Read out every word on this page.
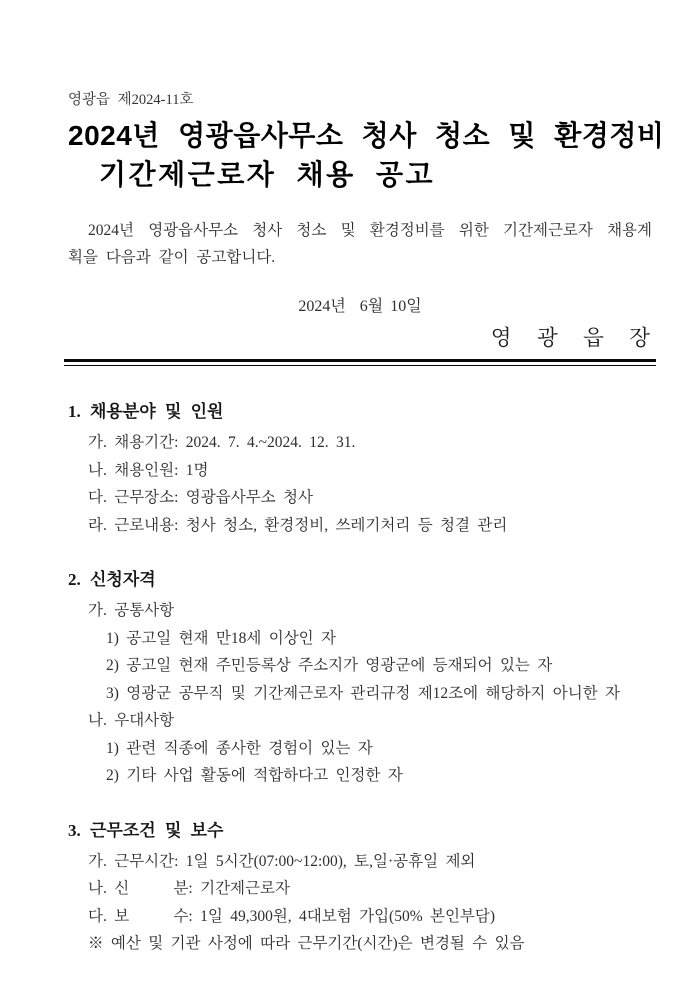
영광읍 제2024-11호
2024년 영광읍사무소 청사 청소 및 환경정비
기간제근로자 채용 공고
2024년 영광읍사무소 청사 청소 및 환경정비를 위한 기간제근로자 채용계
획을 다음과 같이 공고합니다.
2024년  6월 10일
영 광 읍 장
1. 채용분야 및 인원
가. 채용기간: 2024. 7. 4.~2024. 12. 31.
나. 채용인원: 1명
다. 근무장소: 영광읍사무소 청사
라. 근로내용: 청사 청소, 환경정비, 쓰레기처리 등 청결 관리
2. 신청자격
가. 공통사항
1) 공고일 현재 만18세 이상인 자
2) 공고일 현재 주민등록상 주소지가 영광군에 등재되어 있는 자
3) 영광군 공무직 및 기간제근로자 관리규정 제12조에 해당하지 아니한 자
나. 우대사항
1) 관련 직종에 종사한 경험이 있는 자
2) 기타 사업 활동에 적합하다고 인정한 자
3. 근무조건 및 보수
가. 근무시간: 1일 5시간(07:00~12:00), 토,일·공휴일 제외
나. 신      분: 기간제근로자
다. 보      수: 1일 49,300원, 4대보험 가입(50% 본인부담)
※ 예산 및 기관 사정에 따라 근무기간(시간)은 변경될 수 있음
